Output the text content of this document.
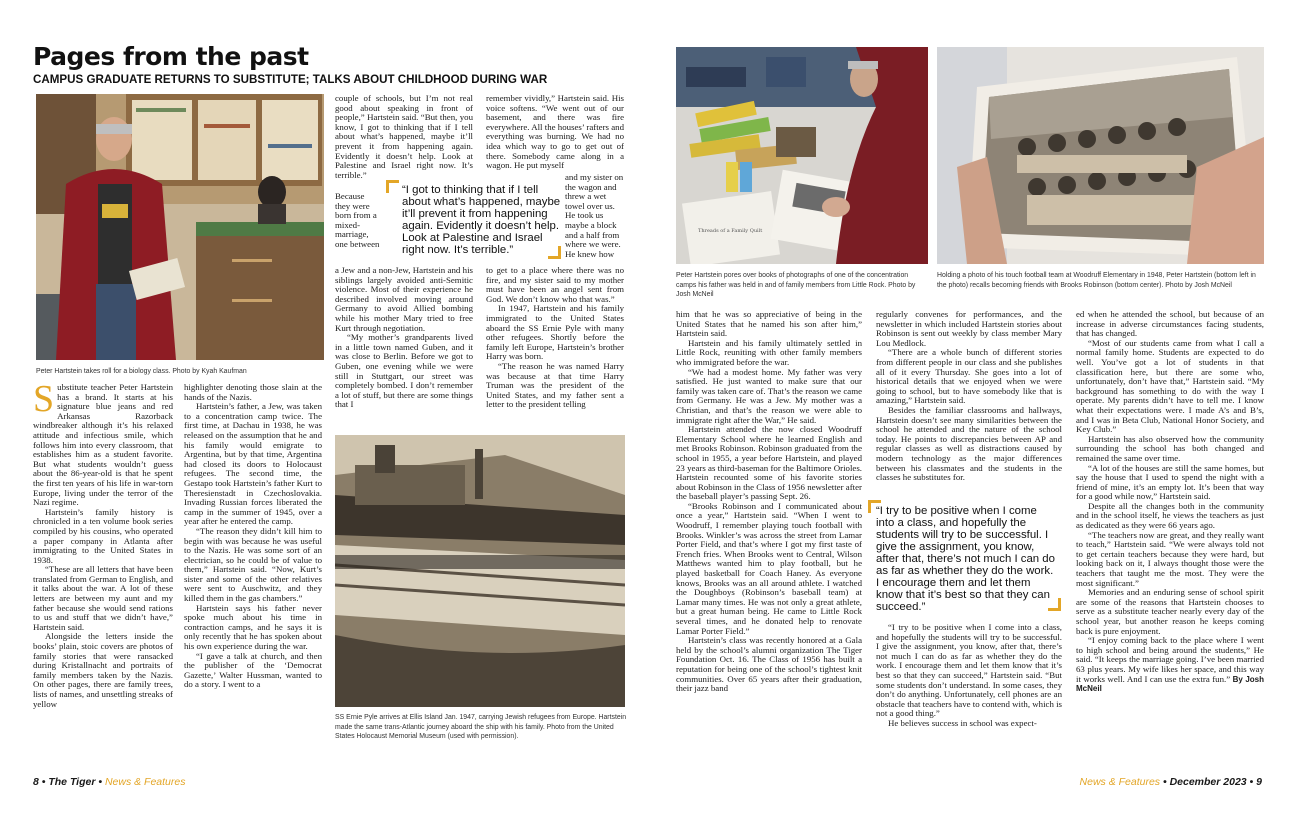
Pages from the past
CAMPUS GRADUATE RETURNS TO SUBSTITUTE; TALKS ABOUT CHILDHOOD DURING WAR
Peter Hartstein takes roll for a biology class. Photo by Kyah Kaufman
S ubstitute teacher Peter Hartstein has a brand. It starts at his signature blue jeans and red Arkansas Razorback windbreaker although it’s his relaxed attitude and infectious smile, which follows him into every classroom, that establishes him as a student favorite. But what students wouldn’t guess about the 86-year-old is that he spent the first ten years of his life in war-torn Europe, living under the terror of the Nazi regime.

Hartstein’s family history is chronicled in a ten volume book series compiled by his cousins, who operated a paper company in Atlanta after immigrating to the United States in 1938.

“These are all letters that have been translated from German to English, and it talks about the war. A lot of these letters are between my aunt and my father because she would send rations to us and stuff that we didn’t have,” Hartstein said.

Alongside the letters inside the books’ plain, stoic covers are photos of family stories that were ransacked during Kristallnacht and portraits of family members taken by the Nazis. On other pages, there are family trees, lists of names, and unsettling streaks of yellow

highlighter denoting those slain at the hands of the Nazis.

Hartstein’s father, a Jew, was taken to a concentration camp twice. The first time, at Dachau in 1938, he was released on the assumption that he and his family would emigrate to Argentina, but by that time, Argentina had closed its doors to Holocaust refugees. The second time, the Gestapo took Hartstein’s father Kurt to Theresienstadt in Czechoslovakia. Invading Russian forces liberated the camp in the summer of 1945, over a year after he entered the camp.

“The reason they didn’t kill him to begin with was because he was useful to the Nazis. He was some sort of an electrician, so he could be of value to them,” Hartstein said. “Now, Kurt’s sister and some of the other relatives were sent to Auschwitz, and they killed them in the gas chambers.”

Hartstein says his father never spoke much about his time in contraction camps, and he says it is only recently that he has spoken about his own experience during the war.

“I gave a talk at church, and then the publisher of the ‘Democrat Gazette,’ Walter Hussman, wanted to do a story. I went to a

couple of schools, but I’m not real good about speaking in front of people,” Hartstein said. “But then, you know, I got to thinking that if I tell about what’s happened, maybe it’ll prevent it from happening again. Evidently it doesn’t help. Look at Palestine and Israel right now. It’s terrible.”

Because they were born from a mixed-marriage, one between

a Jew and a non-Jew, Hartstein and his siblings largely avoided anti-Semitic violence. Most of their experience he described involved moving around Germany to avoid Allied bombing while his mother Mary tried to free Kurt through negotiation.

“My mother’s grandparents lived in a little town named Guben, and it was close to Berlin. Before we got to Guben, one evening while we were still in Stuttgart, our street was completely bombed. I don’t remember a lot of stuff, but there are some things that I

remember vividly,” Hartstein said. His voice softens. “We went out of our basement, and there was fire everywhere. All the houses’ rafters and everything was burning. We had no idea which way to go to get out of there. Somebody came along in a wagon. He put myself

and my sister on the wagon and threw a wet towel over us. He took us maybe a block and a half from where we were. He knew how

to get to a place where there was no fire, and my sister said to my mother must have been an angel sent from God. We don’t know who that was.”

In 1947, Hartstein and his family immigrated to the United States aboard the SS Ernie Pyle with many other refugees. Shortly before the family left Europe, Hartstein’s brother Harry was born.

“The reason he was named Harry was because at that time Harry Truman was the president of the United States, and my father sent a letter to the president telling

“I got to thinking that if I tell about what’s happened, maybe it’ll prevent it from happening again. Evidently it doesn’t help. Look at Palestine and Israel right now. It’s terrible.”
SS Ernie Pyle arrives at Ellis Island Jan. 1947, carrying Jewish refugees from Europe. Hartstein made the same trans-Atlantic journey aboard the ship with his family. Photo from the United States Holocaust Memorial Museum (used with permission).
Threads of a Family Quilt
Peter Hartstein pores over books of photographs of one of the concentration camps his father was held in and of family members from Little Rock. Photo by Josh McNeil
Holding a photo of his touch football team at Woodruff Elementary in 1948, Peter Hartstein (bottom left in the photo) recalls becoming friends with Brooks Robinson (bottom center). Photo by Josh McNeil

him that he was so appreciative of being in the United States that he named his son after him,” Hartstein said.

Hartstein and his family ultimately settled in Little Rock, reuniting with other family members who immigrated before the war.

“We had a modest home. My father was very satisfied. He just wanted to make sure that our family was taken care of. That’s the reason we came from Germany. He was a Jew. My mother was a Christian, and that’s the reason we were able to immigrate right after the War,” He said.

Hartstein attended the now closed Woodruff Elementary School where he learned English and met Brooks Robinson. Robinson graduated from the school in 1955, a year before Hartstein, and played 23 years as third-baseman for the Baltimore Orioles. Hartstein recounted some of his favorite stories about Robinson in the Class of 1956 newsletter after the baseball player’s passing Sept. 26.

“Brooks Robinson and I communicated about once a year,” Hartstein said. “When I went to Woodruff, I remember playing touch football with Brooks. Winkler’s was across the street from Lamar Porter Field, and that’s where I got my first taste of French fries. When Brooks went to Central, Wilson Matthews wanted him to play football, but he played basketball for Coach Haney. As everyone knows, Brooks was an all around athlete. I watched the Doughboys (Robinson’s baseball team) at Lamar many times. He was not only a great athlete, but a great human being. He came to Little Rock several times, and he donated help to renovate Lamar Porter Field.”

Hartstein’s class was recently honored at a Gala held by the school’s alumni organization The Tiger Foundation Oct. 16. The Class of 1956 has built a reputation for being one of the school’s tightest knit communities. Over 65 years after their graduation, their jazz band

regularly convenes for performances, and the newsletter in which included Hartstein stories about Robinson is sent out weekly by class member Mary Lou Medlock.

“There are a whole bunch of different stories from different people in our class and she publishes all of it every Thursday. She goes into a lot of historical details that we enjoyed when we were going to school, but to have somebody like that is amazing,” Hartstein said.

Besides the familiar classrooms and hallways, Hartstein doesn’t see many similarities between the school he attended and the nature of the school today. He points to discrepancies between AP and regular classes as well as distractions caused by modern technology as the major differences between his classmates and the students in the classes he substitutes for.

“I try to be positive when I come into a class, and hopefully the students will try to be successful. I give the assignment, you know, after that, there’s not much I can do as far as whether they do the work. I encourage them and let them know that it’s best so that they can succeed.”

“I try to be positive when I come into a class, and hopefully the students will try to be successful. I give the assignment, you know, after that, there’s not much I can do as far as whether they do the work. I encourage them and let them know that it’s best so that they can succeed,” Hartstein said. “But some students don’t understand. In some cases, they don’t do anything. Unfortunately, cell phones are an obstacle that teachers have to contend with, which is not a good thing.”

He believes success in school was expect-

ed when he attended the school, but because of an increase in adverse circumstances facing students, that has changed.

“Most of our students came from what I call a normal family home. Students are expected to do well. You’ve got a lot of students in that classification here, but there are some who, unfortunately, don’t have that,” Hartstein said. “My background has something to do with the way I operate. My parents didn’t have to tell me. I know what their expectations were. I made A’s and B’s, and I was in Beta Club, National Honor Society, and Key Club.”

Hartstein has also observed how the community surrounding the school has both changed and remained the same over time.

“A lot of the houses are still the same homes, but say the house that I used to spend the night with a friend of mine, it’s an empty lot. It’s been that way for a good while now,” Hartstein said.

Despite all the changes both in the community and in the school itself, he views the teachers as just as dedicated as they were 66 years ago.

“The teachers now are great, and they really want to teach,” Hartstein said. “We were always told not to get certain teachers because they were hard, but looking back on it, I always thought those were the teachers that taught me the most. They were the most significant.”

Memories and an enduring sense of school spirit are some of the reasons that Hartstein chooses to serve as a substitute teacher nearly every day of the school year, but another reason he keeps coming back is pure enjoyment.

“I enjoy coming back to the place where I went to high school and being around the students,” He said. “It keeps the marriage going. I’ve been married 63 plus years. My wife likes her space, and this way it works well. And I can use the extra fun.” By Josh McNeil

8 • The Tiger • News & Features	News & Features • December 2023 • 9
